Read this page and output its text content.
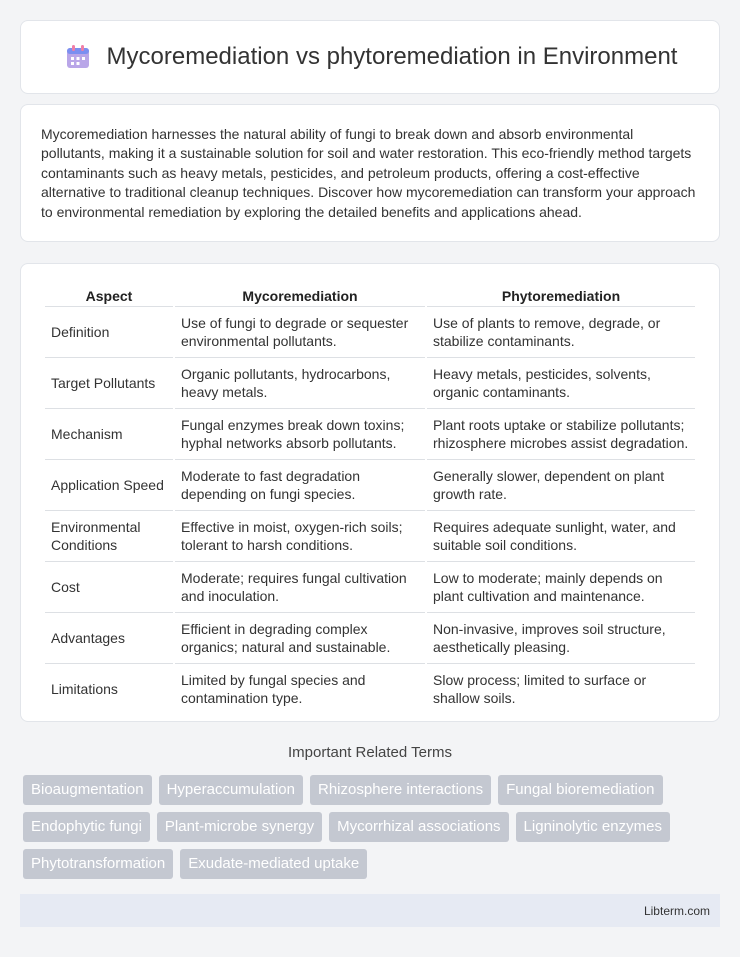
Mycoremediation vs phytoremediation in Environment

Mycoremediation harnesses the natural ability of fungi to break down and absorb environmental pollutants, making it a sustainable solution for soil and water restoration. This eco-friendly method targets contaminants such as heavy metals, pesticides, and petroleum products, offering a cost-effective alternative to traditional cleanup techniques. Discover how mycoremediation can transform your approach to environmental remediation by exploring the detailed benefits and applications ahead.

Aspect	Mycoremediation	Phytoremediation
Definition	Use of fungi to degrade or sequester environmental pollutants.	Use of plants to remove, degrade, or stabilize contaminants.
Target Pollutants	Organic pollutants, hydrocarbons, heavy metals.	Heavy metals, pesticides, solvents, organic contaminants.
Mechanism	Fungal enzymes break down toxins; hyphal networks absorb pollutants.	Plant roots uptake or stabilize pollutants; rhizosphere microbes assist degradation.
Application Speed	Moderate to fast degradation depending on fungi species.	Generally slower, dependent on plant growth rate.
Environmental Conditions	Effective in moist, oxygen-rich soils; tolerant to harsh conditions.	Requires adequate sunlight, water, and suitable soil conditions.
Cost	Moderate; requires fungal cultivation and inoculation.	Low to moderate; mainly depends on plant cultivation and maintenance.
Advantages	Efficient in degrading complex organics; natural and sustainable.	Non-invasive, improves soil structure, aesthetically pleasing.
Limitations	Limited by fungal species and contamination type.	Slow process; limited to surface or shallow soils.
Important Related Terms
Bioaugmentation	Hyperaccumulation	Rhizosphere interactions	Fungal bioremediation
Endophytic fungi	Plant-microbe synergy	Mycorrhizal associations	Ligninolytic enzymes
Phytotransformation	Exudate-mediated uptake
Libterm.com
